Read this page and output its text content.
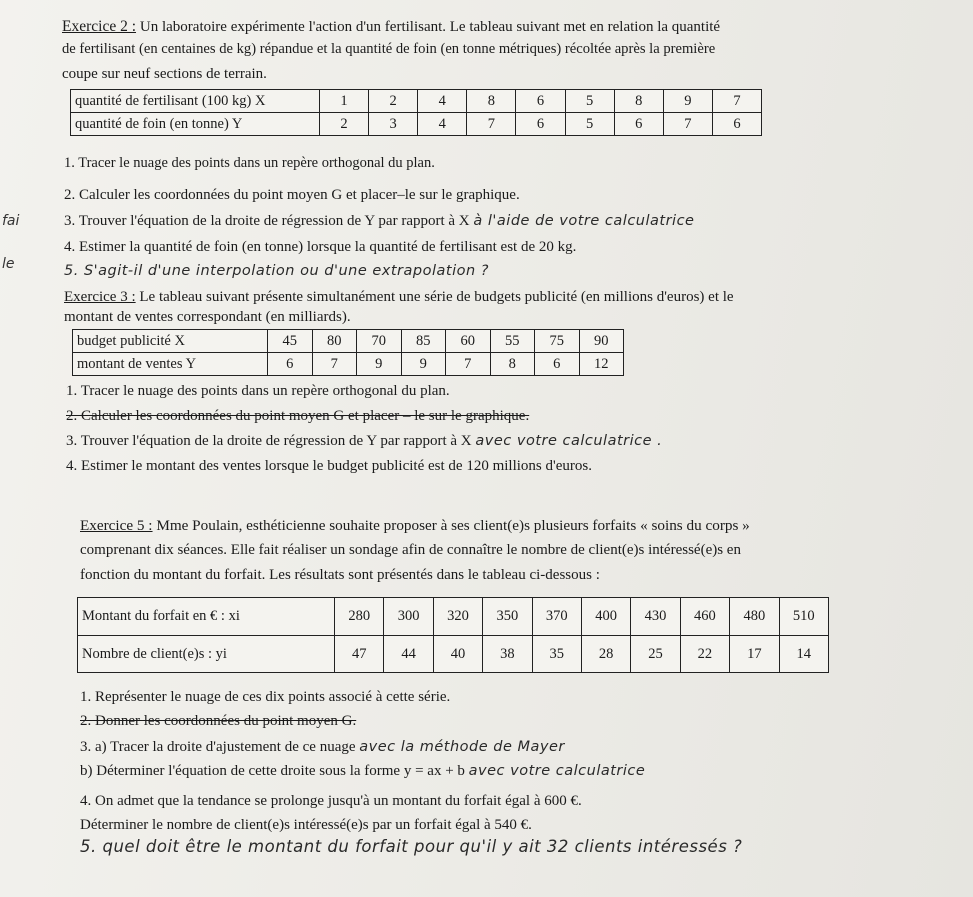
Exercice 2 : Un laboratoire expérimente l'action d'un fertilisant. Le tableau suivant met en relation la quantité
de fertilisant (en centaines de kg) répandue et la quantité de foin (en tonne métriques) récoltée après la première
coupe sur neuf sections de terrain.
quantité de fertilisant (100 kg) X	1	2	4	8	6	5	8	9	7
quantité de foin (en tonne) Y	2	3	4	7	6	5	6	7	6
1. Tracer le nuage des points dans un repère orthogonal du plan.
2. Calculer les coordonnées du point moyen G et placer–le sur le graphique.
3. Trouver l'équation de la droite de régression de Y par rapport à X à l'aide de votre calculatrice
4. Estimer la quantité de foin (en tonne) lorsque la quantité de fertilisant est de 20 kg.
5. S'agit-il d'une interpolation ou d'une extrapolation ?
fai
le
Exercice 3 : Le tableau suivant présente simultanément une série de budgets publicité (en millions d'euros) et le
montant de ventes correspondant (en milliards).
budget publicité X	45	80	70	85	60	55	75	90
montant de ventes Y	6	7	9	9	7	8	6	12
1. Tracer le nuage des points dans un repère orthogonal du plan.
2. Calculer les coordonnées du point moyen G et placer – le sur le graphique.
3. Trouver l'équation de la droite de régression de Y par rapport à X avec votre calculatrice .
4. Estimer le montant des ventes lorsque le budget publicité est de 120 millions d'euros.
Exercice 5 : Mme Poulain, esthéticienne souhaite proposer à ses client(e)s plusieurs forfaits « soins du corps »
comprenant dix séances. Elle fait réaliser un sondage afin de connaître le nombre de client(e)s intéressé(e)s en
fonction du montant du forfait. Les résultats sont présentés dans le tableau ci-dessous :
Montant du forfait en € : xi	280	300	320	350	370	400	430	460	480	510
Nombre de client(e)s : yi	47	44	40	38	35	28	25	22	17	14
1. Représenter le nuage de ces dix points associé à cette série.
2. Donner les coordonnées du point moyen G.
3. a) Tracer la droite d'ajustement de ce nuage avec la méthode de Mayer
b) Déterminer l'équation de cette droite sous la forme y = ax + b avec votre calculatrice
4. On admet que la tendance se prolonge jusqu'à un montant du forfait égal à 600 €.
Déterminer le nombre de client(e)s intéressé(e)s par un forfait égal à 540 €.
5. quel doit être le montant du forfait pour qu'il y ait 32 clients intéressés ?
